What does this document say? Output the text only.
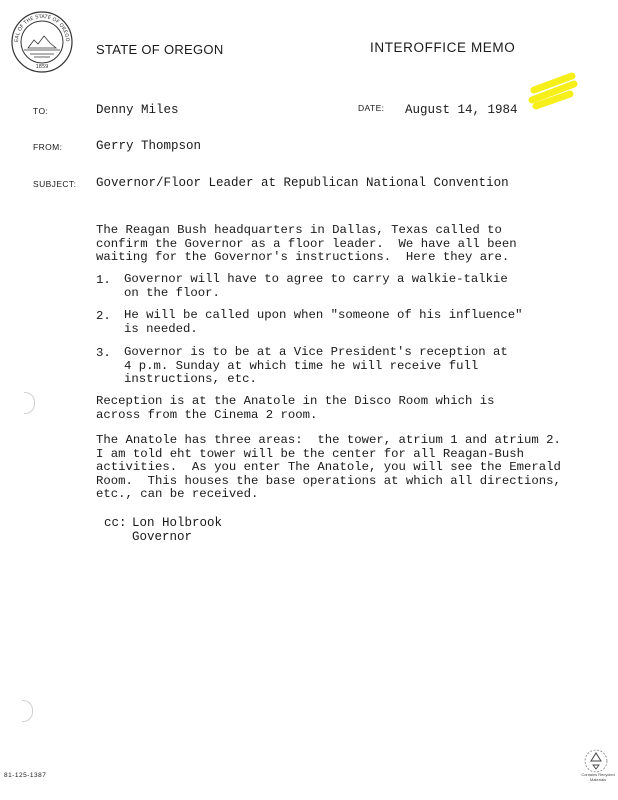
EAL OF THE STATE OF OREGO
1859
STATE OF OREGON	INTEROFFICE MEMO
TO:	Denny Miles	DATE: August 14, 1984
FROM:	Gerry Thompson
SUBJECT: Governor/Floor Leader at Republican National Convention
The Reagan Bush headquarters in Dallas, Texas called to
confirm the Governor as a floor leader.  We have all been
waiting for the Governor's instructions.  Here they are.
1. Governor will have to agree to carry a walkie-talkie
on the floor.
2. He will be called upon when "someone of his influence"
is needed.
3. Governor is to be at a Vice President's reception at
4 p.m. Sunday at which time he will receive full
instructions, etc.
Reception is at the Anatole in the Disco Room which is
across from the Cinema 2 room.
The Anatole has three areas:  the tower, atrium 1 and atrium 2.
I am told eht tower will be the center for all Reagan-Bush
activities.  As you enter The Anatole, you will see the Emerald
Room.  This houses the base operations at which all directions,
etc., can be received.
cc: Lon Holbrook
Governor
81-125-1387	Contains Recycled Materials
